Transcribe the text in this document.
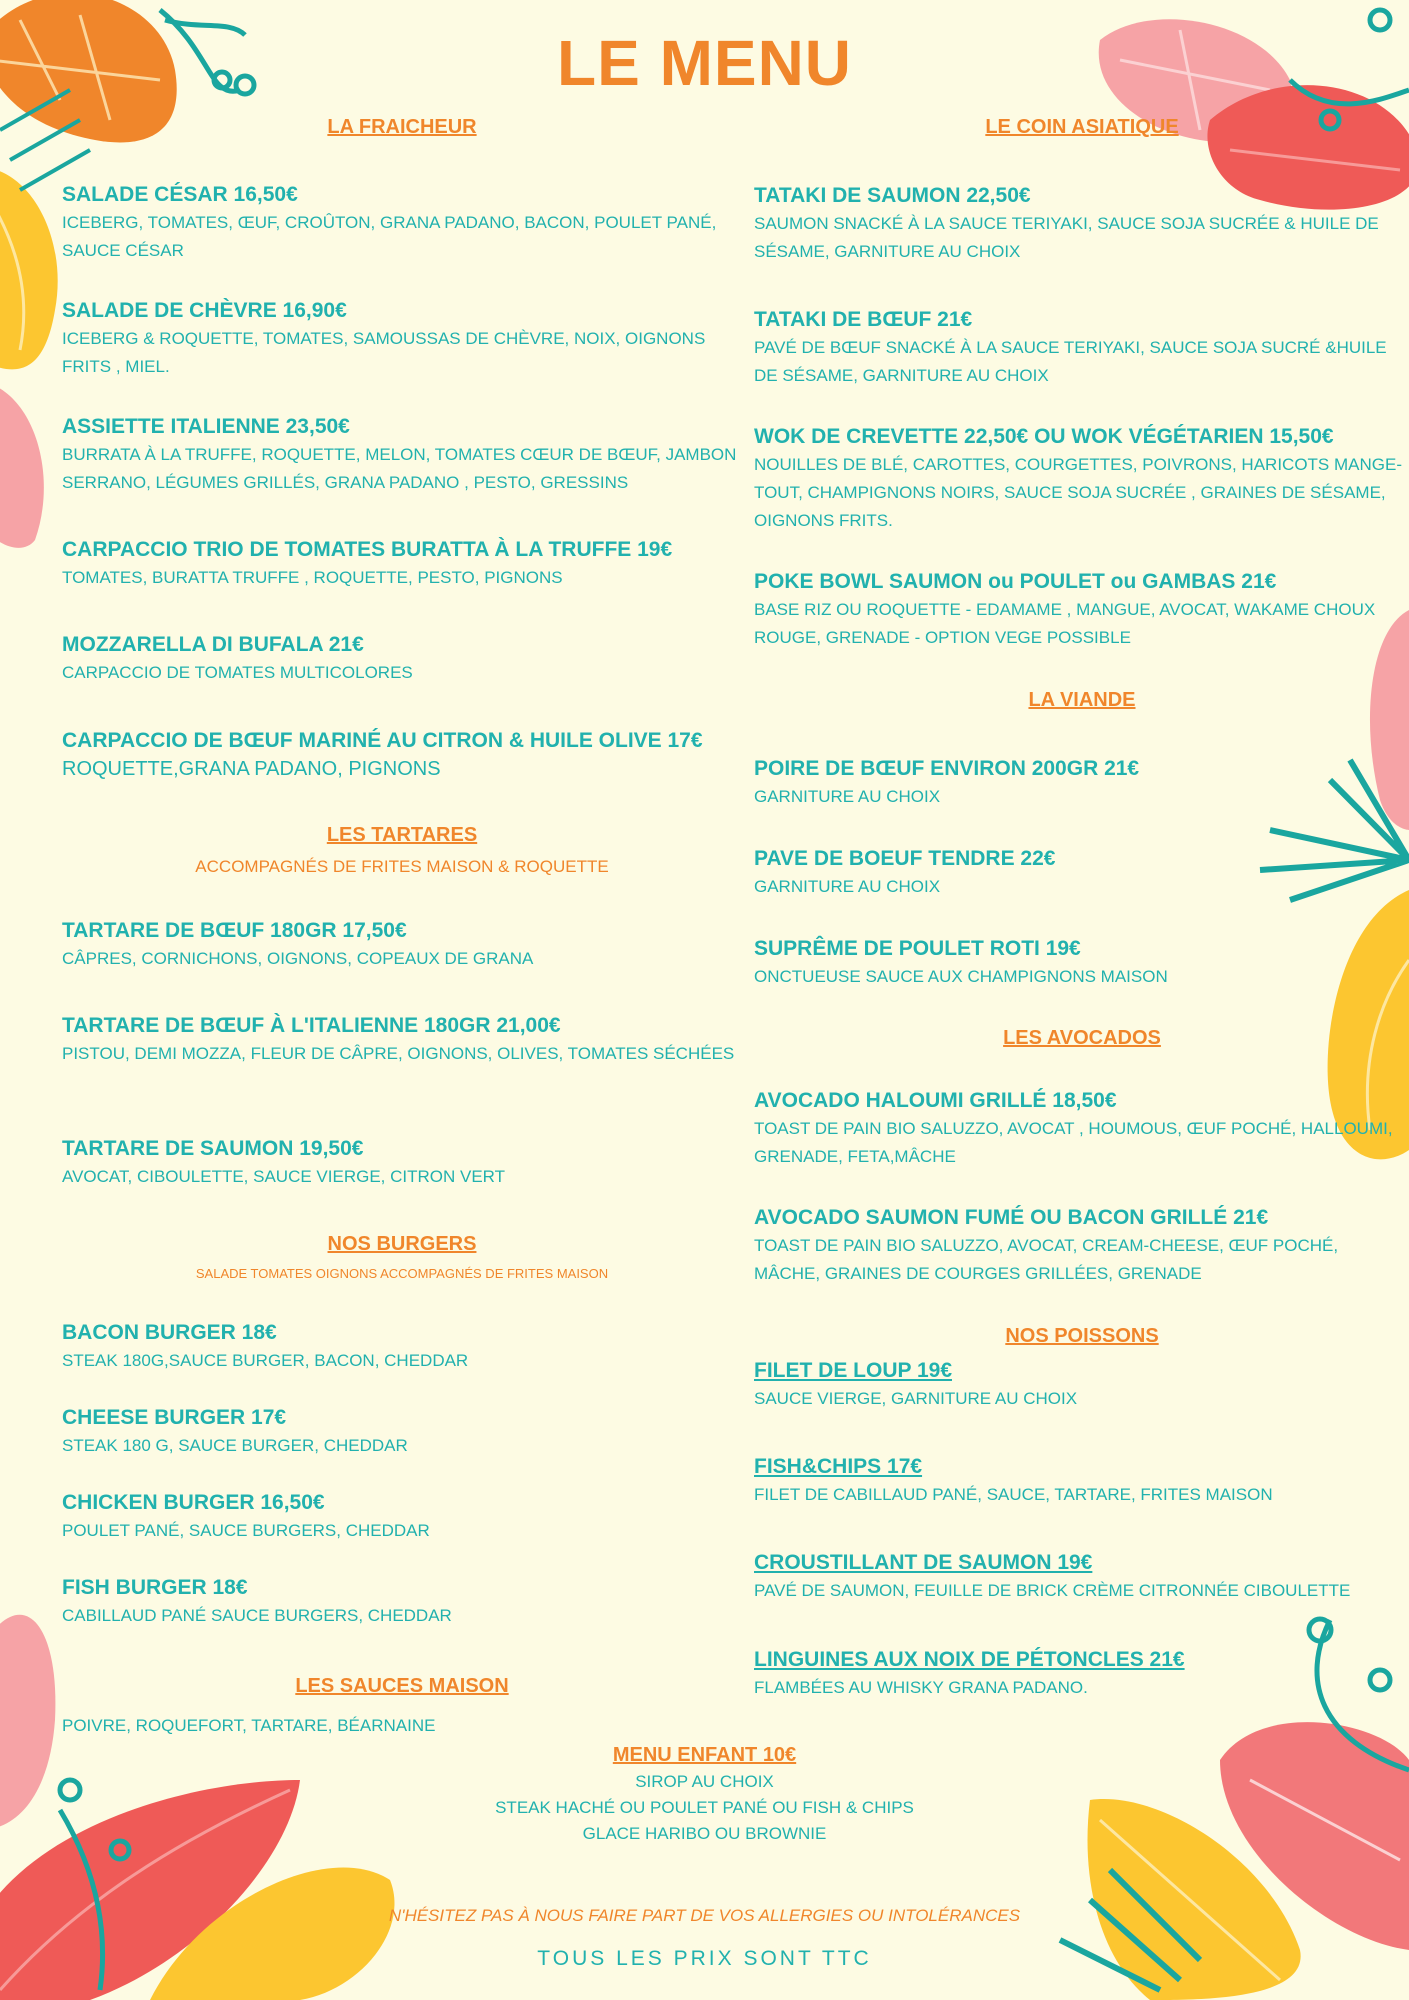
LE MENU
LA FRAICHEUR
SALADE CÉSAR 16,50€
ICEBERG, TOMATES, ŒUF, CROÛTON, GRANA PADANO, BACON, POULET PANÉ, SAUCE CÉSAR
SALADE DE CHÈVRE 16,90€
ICEBERG & ROQUETTE, TOMATES, SAMOUSSAS DE CHÈVRE, NOIX, OIGNONS FRITS , MIEL.
ASSIETTE ITALIENNE 23,50€
BURRATA À LA TRUFFE, ROQUETTE, MELON, TOMATES CŒUR DE BŒUF, JAMBON SERRANO, LÉGUMES GRILLÉS, GRANA PADANO , PESTO, GRESSINS
CARPACCIO TRIO DE TOMATES BURATTA À LA TRUFFE 19€
TOMATES, BURATTA TRUFFE , ROQUETTE, PESTO, PIGNONS
MOZZARELLA DI BUFALA 21€
CARPACCIO DE TOMATES MULTICOLORES
CARPACCIO DE BŒUF MARINÉ AU CITRON & HUILE OLIVE 17€
ROQUETTE,GRANA PADANO, PIGNONS
LES TARTARES
ACCOMPAGNÉS DE FRITES MAISON & ROQUETTE
TARTARE DE BŒUF 180GR 17,50€
CÂPRES, CORNICHONS, OIGNONS, COPEAUX DE GRANA
TARTARE DE BŒUF À L'ITALIENNE 180GR 21,00€
PISTOU, DEMI MOZZA, FLEUR DE CÂPRE, OIGNONS, OLIVES, TOMATES SÉCHÉES
TARTARE DE SAUMON 19,50€
AVOCAT, CIBOULETTE, SAUCE VIERGE, CITRON VERT
NOS BURGERS
SALADE TOMATES OIGNONS ACCOMPAGNÉS DE FRITES MAISON
BACON BURGER 18€
STEAK 180G,SAUCE BURGER, BACON, CHEDDAR
CHEESE BURGER 17€
STEAK 180 G, SAUCE BURGER, CHEDDAR
CHICKEN BURGER 16,50€
POULET PANÉ, SAUCE BURGERS, CHEDDAR
FISH BURGER 18€
CABILLAUD PANÉ SAUCE BURGERS, CHEDDAR
LES SAUCES MAISON
POIVRE, ROQUEFORT, TARTARE, BÉARNAINE
LE COIN ASIATIQUE
TATAKI DE SAUMON 22,50€
SAUMON SNACKÉ À LA SAUCE TERIYAKI, SAUCE SOJA SUCRÉE & HUILE DE SÉSAME, GARNITURE AU CHOIX
TATAKI DE BŒUF 21€
PAVÉ DE BŒUF SNACKÉ À LA SAUCE TERIYAKI, SAUCE SOJA SUCRÉ &HUILE DE SÉSAME, GARNITURE AU CHOIX
WOK DE CREVETTE 22,50€ OU WOK VÉGÉTARIEN 15,50€
NOUILLES DE BLÉ, CAROTTES, COURGETTES, POIVRONS, HARICOTS MANGE- TOUT, CHAMPIGNONS NOIRS, SAUCE SOJA SUCRÉE , GRAINES DE SÉSAME, OIGNONS FRITS.
POKE BOWL SAUMON ou POULET ou GAMBAS 21€
BASE RIZ OU ROQUETTE - EDAMAME , MANGUE, AVOCAT, WAKAME CHOUX ROUGE, GRENADE - OPTION VEGE POSSIBLE
LA VIANDE
POIRE DE BŒUF ENVIRON 200GR 21€
GARNITURE AU CHOIX
PAVE DE BOEUF TENDRE 22€
GARNITURE AU CHOIX
SUPRÊME DE POULET ROTI 19€
ONCTUEUSE SAUCE AUX CHAMPIGNONS MAISON
LES AVOCADOS
AVOCADO HALOUMI GRILLÉ 18,50€
TOAST DE PAIN BIO SALUZZO, AVOCAT , HOUMOUS, ŒUF POCHÉ, HALLOUMI, GRENADE, FETA,MÂCHE
AVOCADO SAUMON FUMÉ OU BACON GRILLÉ 21€
TOAST DE PAIN BIO SALUZZO, AVOCAT, CREAM-CHEESE, ŒUF POCHÉ, MÂCHE, GRAINES DE COURGES GRILLÉES, GRENADE
NOS POISSONS
FILET DE LOUP 19€
SAUCE VIERGE, GARNITURE AU CHOIX
FISH&CHIPS 17€
FILET DE CABILLAUD PANÉ, SAUCE, TARTARE, FRITES MAISON
CROUSTILLANT DE SAUMON 19€
PAVÉ DE SAUMON, FEUILLE DE BRICK CRÈME CITRONNÉE CIBOULETTE
LINGUINES AUX NOIX DE PÉTONCLES 21€
FLAMBÉES AU WHISKY GRANA PADANO.
MENU ENFANT 10€
SIROP AU CHOIX
STEAK HACHÉ OU POULET PANÉ OU FISH & CHIPS
GLACE HARIBO OU BROWNIE
N'HÉSITEZ PAS À NOUS FAIRE PART DE VOS ALLERGIES OU INTOLÉRANCES
TOUS LES PRIX SONT TTC
